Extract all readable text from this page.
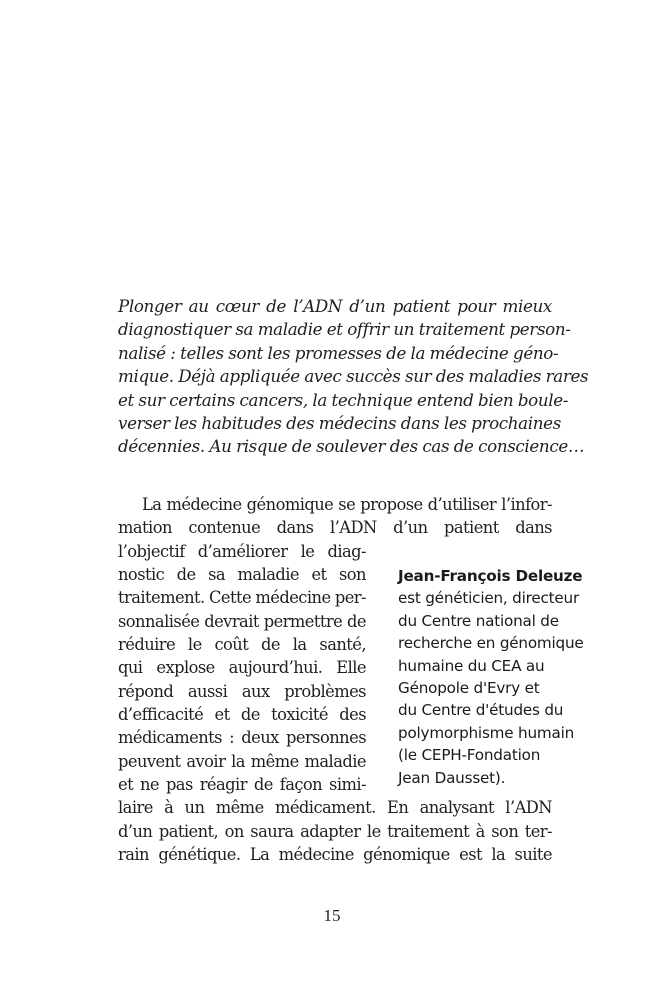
Plonger au cœur de l’ADN d’un patient pour mieux
diagnostiquer sa maladie et offrir un traitement person-
nalisé : telles sont les promesses de la médecine géno-
mique. Déjà appliquée avec succès sur des maladies rares
et sur certains cancers, la technique entend bien boule-
verser les habitudes des médecins dans les prochaines
décennies. Au risque de soulever des cas de conscience…

La médecine génomique se propose d’utiliser l’infor-
mation contenue dans l’ADN d’un patient dans
l’objectif d’améliorer le diag-
nostic de sa maladie et son
traitement. Cette médecine per-
sonnalisée devrait permettre de
réduire le coût de la santé,
qui explose aujourd’hui. Elle
répond aussi aux problèmes
d’efficacité et de toxicité des
médicaments : deux personnes
peuvent avoir la même maladie
et ne pas réagir de façon simi-
laire à un même médicament. En analysant l’ADN
d’un patient, on saura adapter le traitement à son ter-
rain génétique. La médecine génomique est la suite

Jean-François Deleuze
est généticien, directeur
du Centre national de
recherche en génomique
humaine du CEA au
Génopole d'Evry et
du Centre d'études du
polymorphisme humain
(le CEPH-Fondation
Jean Dausset).
15
